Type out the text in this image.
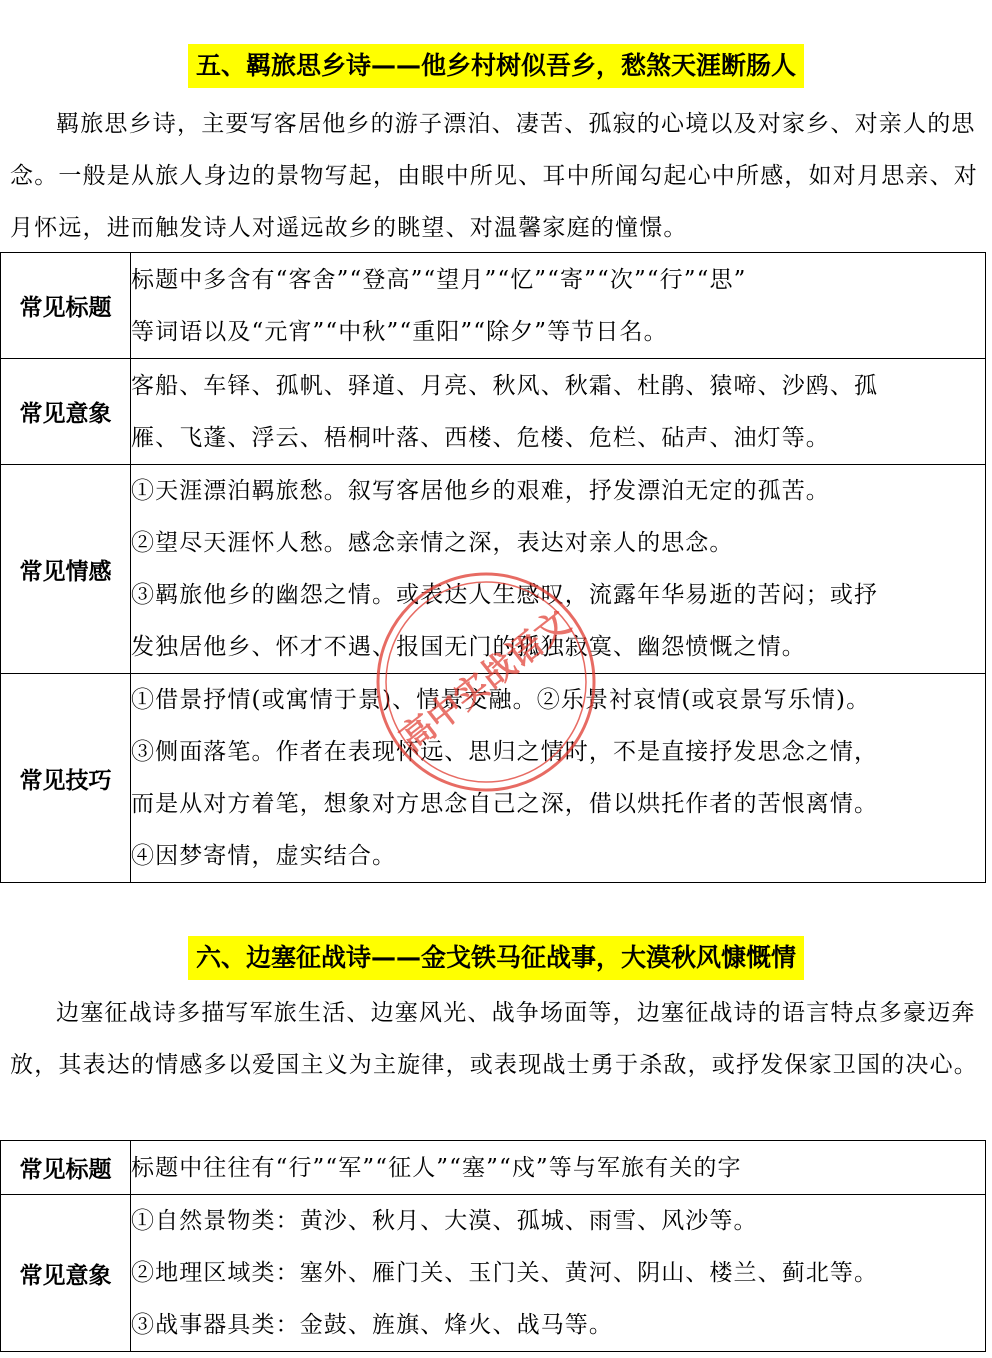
五、羁旅思乡诗——他乡村树似吾乡，愁煞天涯断肠人

羁旅思乡诗，主要写客居他乡的游子漂泊、凄苦、孤寂的心境以及对家乡、对亲人的思念。一般是从旅人身边的景物写起，由眼中所见、耳中所闻勾起心中所感，如对月思亲、对月怀远，进而触发诗人对遥远故乡的眺望、对温馨家庭的憧憬。

常见标题	标题中多含有“客舍”“登高”“望月”“忆”“寄”“次”“行”“思”
等词语以及“元宵”“中秋”“重阳”“除夕”等节日名。

常见意象	客船、车铎、孤帆、驿道、月亮、秋风、秋霜、杜鹃、猿啼、沙鸥、孤
雁、飞蓬、浮云、梧桐叶落、西楼、危楼、危栏、砧声、油灯等。

常见情感	①天涯漂泊羁旅愁。叙写客居他乡的艰难，抒发漂泊无定的孤苦。
②望尽天涯怀人愁。感念亲情之深，表达对亲人的思念。
③羁旅他乡的幽怨之情。或表达人生感叹，流露年华易逝的苦闷；或抒
发独居他乡、怀才不遇、报国无门的孤独寂寞、幽怨愤慨之情。

常见技巧	①借景抒情(或寓情于景)、情景交融。②乐景衬哀情(或哀景写乐情)。
③侧面落笔。作者在表现怀远、思归之情时，不是直接抒发思念之情，
而是从对方着笔，想象对方思念自己之深，借以烘托作者的苦恨离情。
④因梦寄情，虚实结合。
六、边塞征战诗——金戈铁马征战事，大漠秋风慷慨情

边塞征战诗多描写军旅生活、边塞风光、战争场面等，边塞征战诗的语言特点多豪迈奔放，其表达的情感多以爱国主义为主旋律，或表现战士勇于杀敌，或抒发保家卫国的决心。

常见标题	标题中往往有“行”“军”“征人”“塞”“戍”等与军旅有关的字

常见意象	①自然景物类：黄沙、秋月、大漠、孤城、雨雪、风沙等。
②地理区域类：塞外、雁门关、玉门关、黄河、阴山、楼兰、蓟北等。
③战事器具类：金鼓、旌旗、烽火、战马等。
高中实战语文
